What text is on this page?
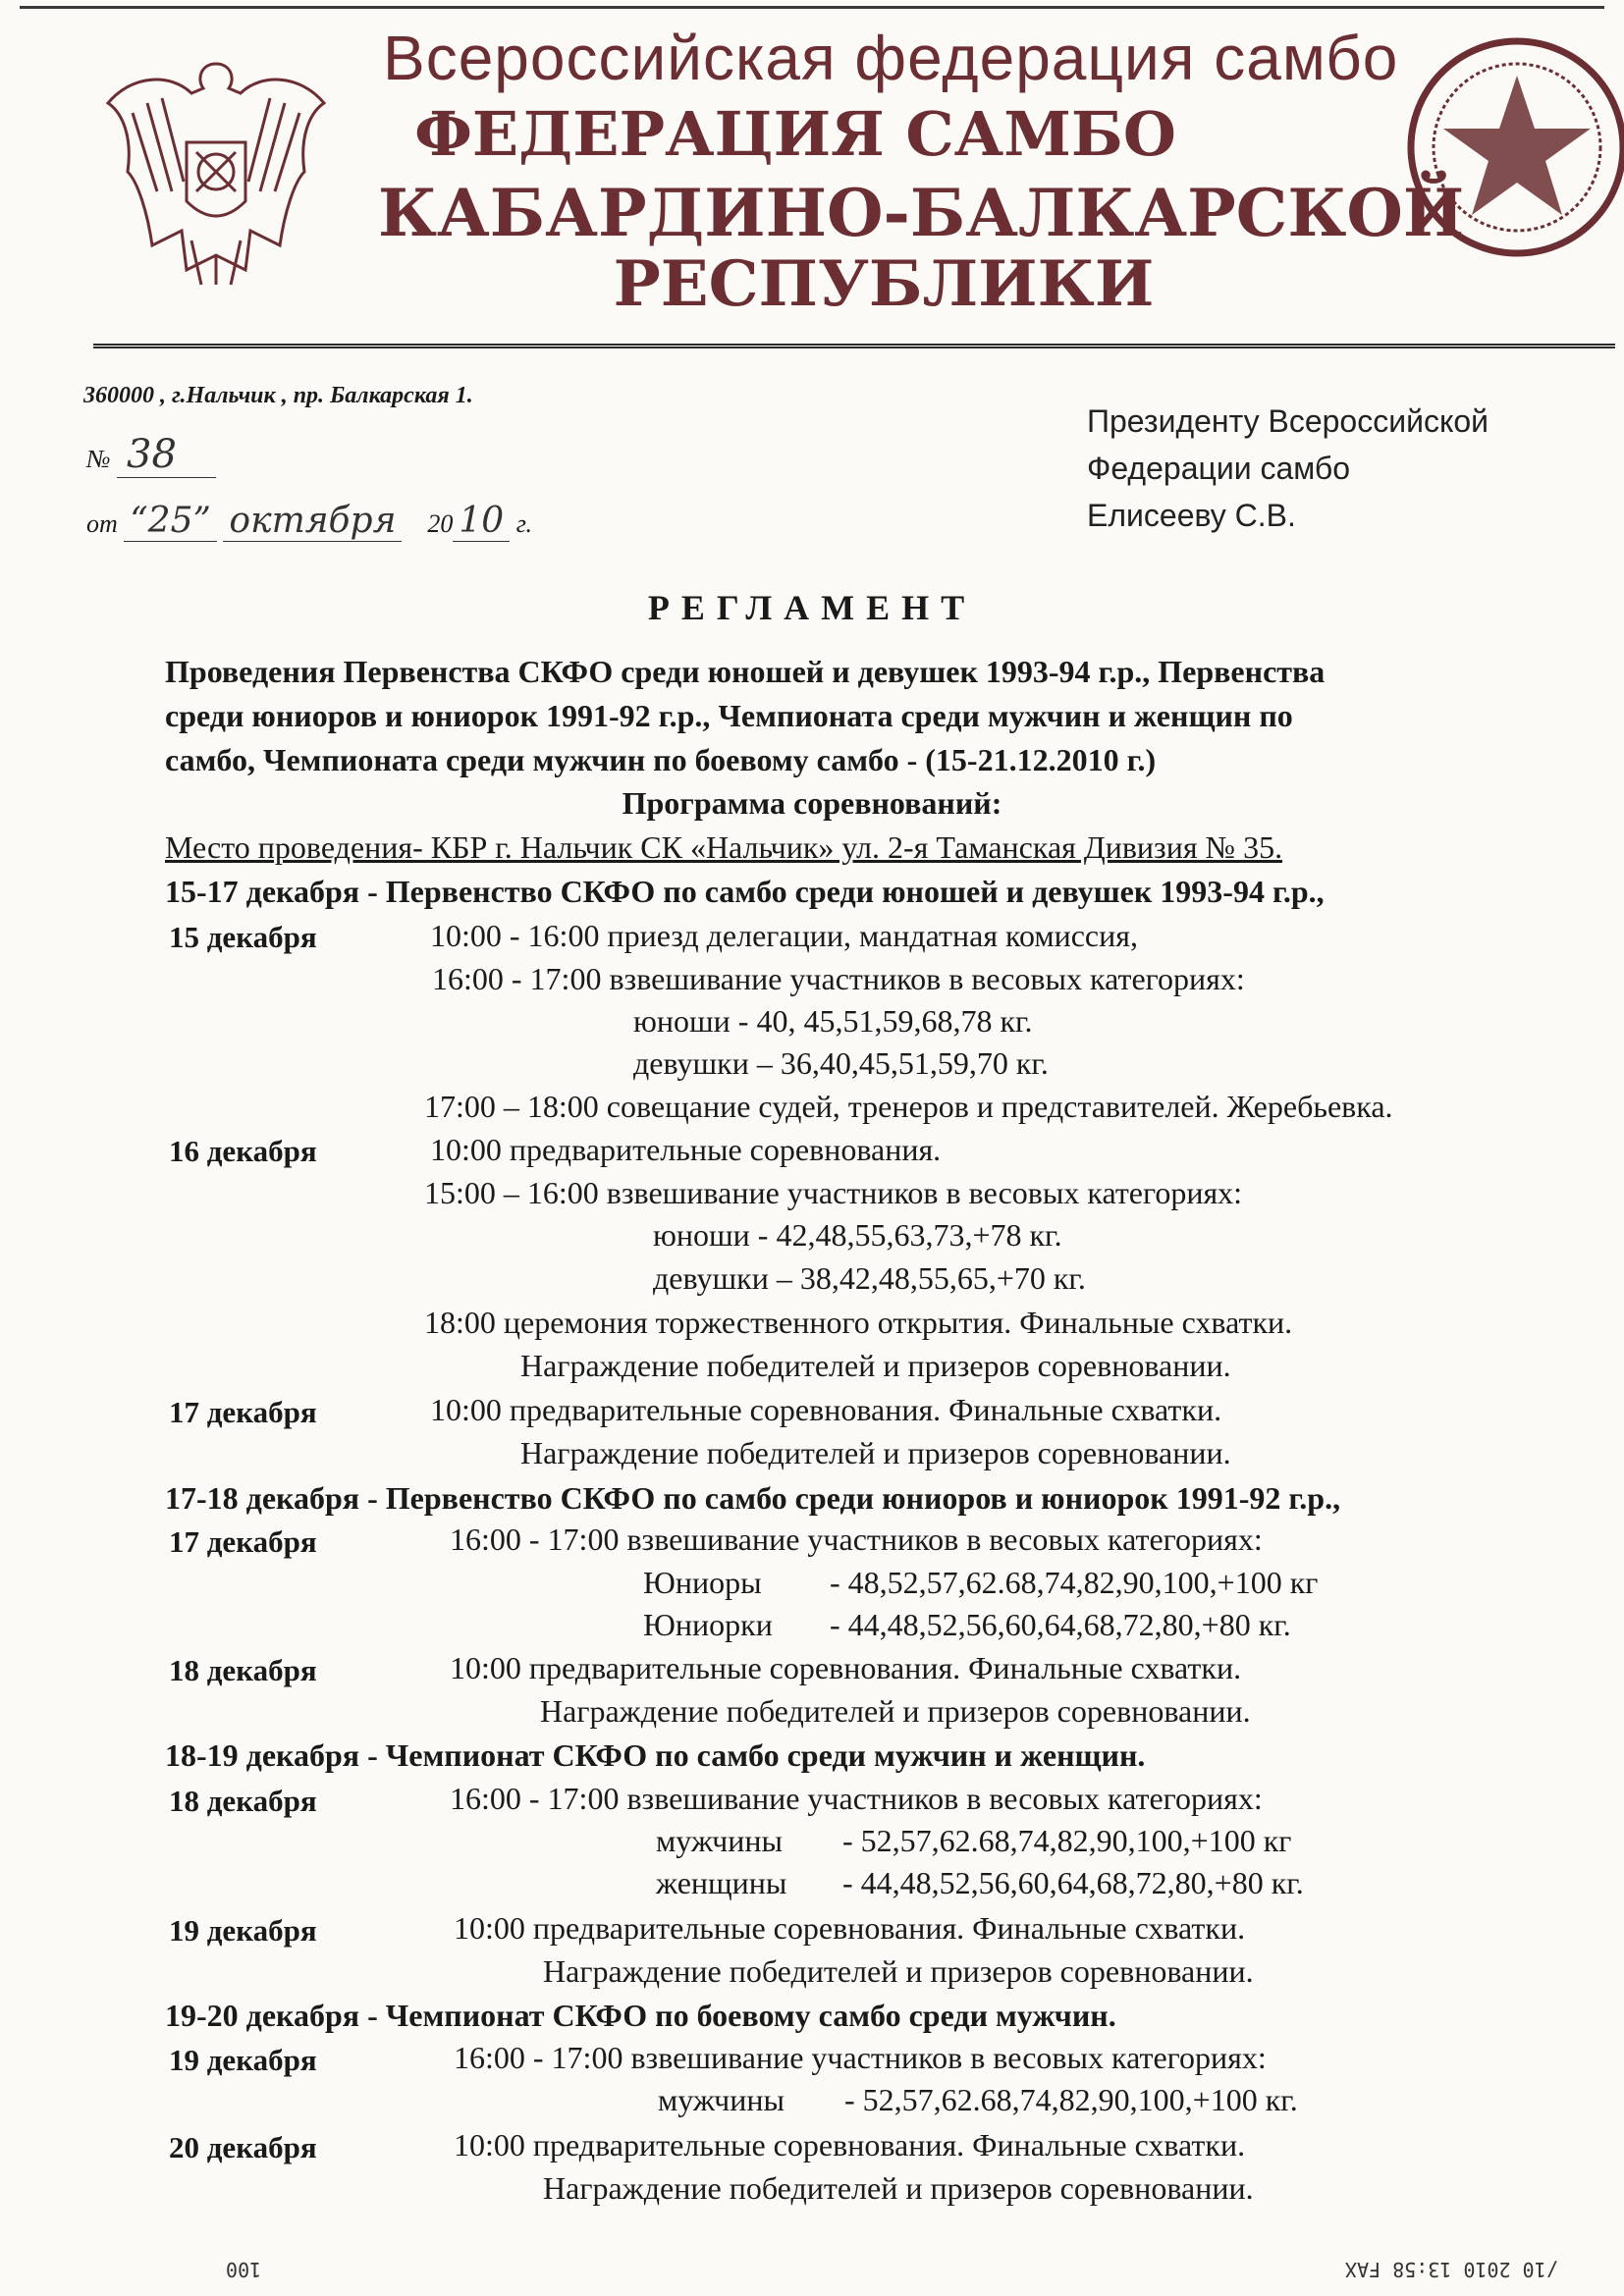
Всероссийская федерация самбо
ФЕДЕРАЦИЯ САМБО
КАБАРДИНО-БАЛКАРСКОЙ
РЕСПУБЛИКИ
360000 , г.Нальчик , пр. Балкарская 1.
№ 38
от “25” октября 20 10 г.
Президенту Всероссийской
Федерации самбо
Елисееву С.В.
РЕГЛАМЕНТ
Проведения Первенства СКФО среди юношей и девушек 1993-94 г.р., Первенства
среди юниоров и юниорок 1991-92 г.р., Чемпионата среди мужчин и женщин по
самбо, Чемпионата среди мужчин по боевому самбо - (15-21.12.2010 г.)
Программа соревнований:
Место проведения- КБР г. Нальчик СК «Нальчик» ул. 2-я Таманская Дивизия № 35.
15-17 декабря - Первенство СКФО по самбо среди юношей и девушек 1993-94 г.р.,
15 декабря	10:00 - 16:00 приезд делегации, мандатная комиссия,
16:00 - 17:00 взвешивание участников в весовых категориях:
юноши - 40, 45,51,59,68,78 кг.
девушки – 36,40,45,51,59,70 кг.
17:00 – 18:00 совещание судей, тренеров и представителей. Жеребьевка.
16 декабря	10:00 предварительные соревнования.
15:00 – 16:00 взвешивание участников в весовых категориях:
юноши - 42,48,55,63,73,+78 кг.
девушки – 38,42,48,55,65,+70 кг.
18:00 церемония торжественного открытия. Финальные схватки.
Награждение победителей и призеров соревновании.
17 декабря	10:00 предварительные соревнования. Финальные схватки.
Награждение победителей и призеров соревновании.
17-18 декабря - Первенство СКФО по самбо среди юниоров и юниорок 1991-92 г.р.,
17 декабря	16:00 - 17:00 взвешивание участников в весовых категориях:
Юниоры - 48,52,57,62.68,74,82,90,100,+100 кг
Юниорки - 44,48,52,56,60,64,68,72,80,+80 кг.
18 декабря	10:00 предварительные соревнования. Финальные схватки.
Награждение победителей и призеров соревновании.
18-19 декабря - Чемпионат СКФО по самбо среди мужчин и женщин.
18 декабря	16:00 - 17:00 взвешивание участников в весовых категориях:
мужчины - 52,57,62.68,74,82,90,100,+100 кг
женщины - 44,48,52,56,60,64,68,72,80,+80 кг.
19 декабря	10:00 предварительные соревнования. Финальные схватки.
Награждение победителей и призеров соревновании.
19-20 декабря - Чемпионат СКФО по боевому самбо среди мужчин.
19 декабря	16:00 - 17:00 взвешивание участников в весовых категориях:
мужчины - 52,57,62.68,74,82,90,100,+100 кг.
20 декабря	10:00 предварительные соревнования. Финальные схватки.
Награждение победителей и призеров соревновании.
100	/10 2010 13:58 FAX
